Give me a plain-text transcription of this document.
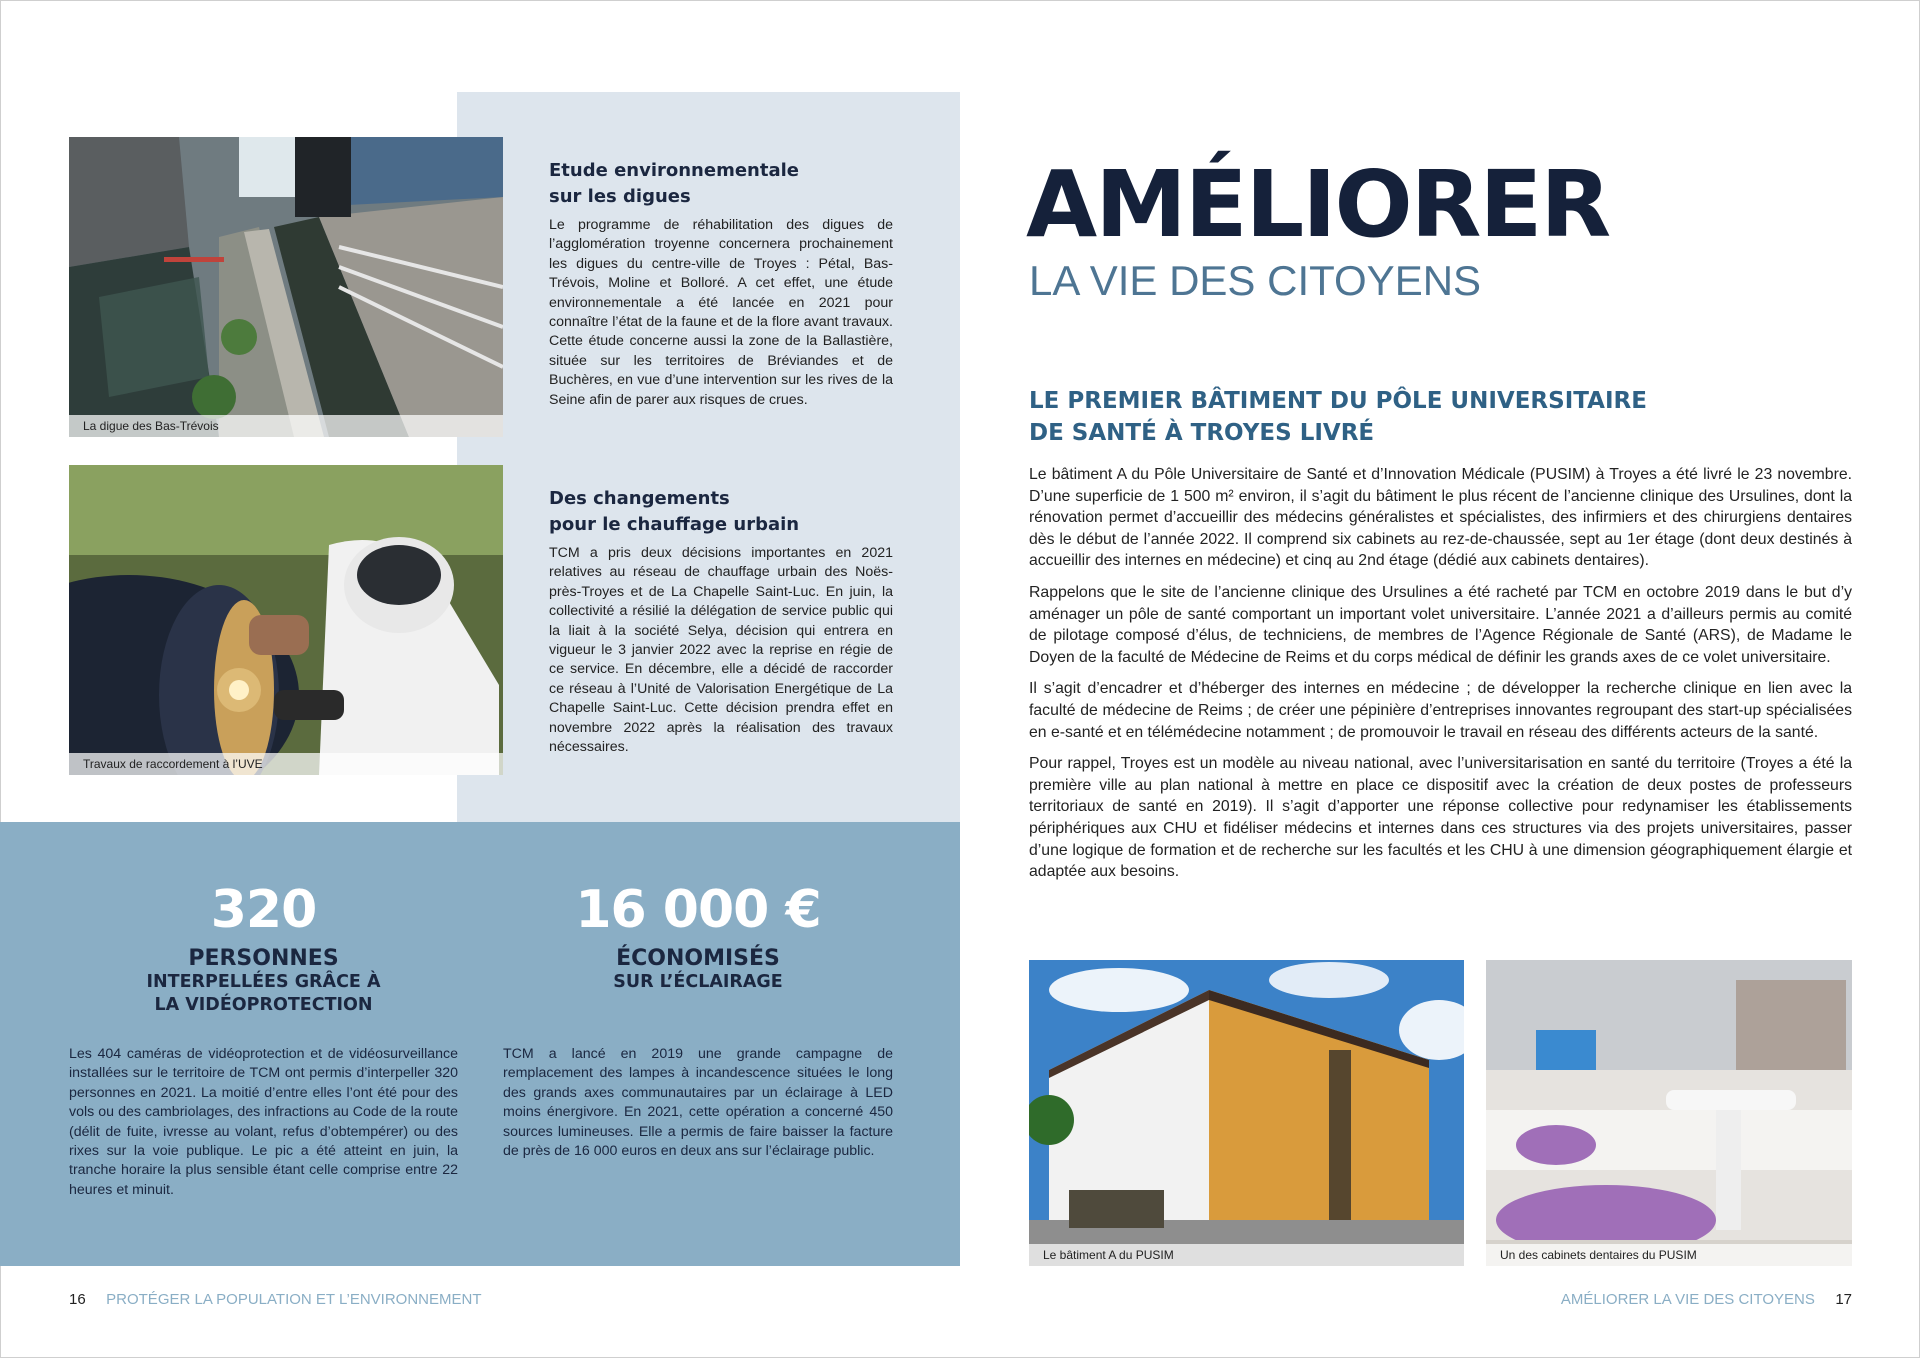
La digue des Bas-Trévois
Etude environnementale
sur les digues
Le programme de réhabilitation des digues de l’agglomération troyenne concernera prochainement les digues du centre-ville de Troyes : Pétal, Bas-Trévois, Moline et Bolloré. A cet effet, une étude environnementale a été lancée en 2021 pour connaître l’état de la faune et de la flore avant travaux. Cette étude concerne aussi la zone de la Ballastière, située sur les territoires de Bréviandes et de Buchères, en vue d’une intervention sur les rives de la Seine afin de parer aux risques de crues.
Travaux de raccordement à l’UVE
Des changements
pour le chauffage urbain
TCM a pris deux décisions importantes en 2021 relatives au réseau de chauffage urbain des Noës-près-Troyes et de La Chapelle Saint-Luc. En juin, la collectivité a résilié la délégation de service public qui la liait à la société Selya, décision qui entrera en vigueur le 3 janvier 2022 avec la reprise en régie de ce service. En décembre, elle a décidé de raccorder ce réseau à l’Unité de Valorisation Energétique de La Chapelle Saint-Luc. Cette décision prendra effet en novembre 2022 après la réalisation des travaux nécessaires.
320
PERSONNES
INTERPELLÉES GRÂCE À
LA VIDÉOPROTECTION
Les 404 caméras de vidéoprotection et de vidéosurveillance installées sur le territoire de TCM ont permis d’interpeller 320 personnes en 2021. La moitié d’entre elles l’ont été pour des vols ou des cambriolages, des infractions au Code de la route (délit de fuite, ivresse au volant, refus d’obtempérer) ou des rixes sur la voie publique. Le pic a été atteint en juin, la tranche horaire la plus sensible étant celle comprise entre 22 heures et minuit.
16 000 €
ÉCONOMISÉS
SUR L’ÉCLAIRAGE
TCM a lancé en 2019 une grande campagne de remplacement des lampes à incandescence situées le long des grands axes communautaires par un éclairage à LED moins énergivore. En 2021, cette opération a concerné 450 sources lumineuses. Elle a permis de faire baisser la facture de près de 16 000 euros en deux ans sur l’éclairage public.
16 PROTÉGER LA POPULATION ET L’ENVIRONNEMENT
AMÉLIORER
LA VIE DES CITOYENS
LE PREMIER BÂTIMENT DU PÔLE UNIVERSITAIRE
DE SANTÉ À TROYES LIVRÉ

Le bâtiment A du Pôle Universitaire de Santé et d’Innovation Médicale (PUSIM) à Troyes a été livré le 23 novembre. D’une superficie de 1 500 m² environ, il s’agit du bâtiment le plus récent de l’ancienne clinique des Ursulines, dont la rénovation permet d’accueillir des médecins généralistes et spécialistes, des infirmiers et des chirurgiens dentaires dès le début de l’année 2022. Il comprend six cabinets au rez-de-chaussée, sept au 1er étage (dont deux destinés à accueillir des internes en médecine) et cinq au 2nd étage (dédié aux cabinets dentaires).

Rappelons que le site de l’ancienne clinique des Ursulines a été racheté par TCM en octobre 2019 dans le but d’y aménager un pôle de santé comportant un important volet universitaire. L’année 2021 a d’ailleurs permis au comité de pilotage composé d’élus, de techniciens, de membres de l’Agence Régionale de Santé (ARS), de Madame le Doyen de la faculté de Médecine de Reims et du corps médical de définir les grands axes de ce volet universitaire.

Il s’agit d’encadrer et d’héberger des internes en médecine ; de développer la recherche clinique en lien avec la faculté de médecine de Reims ; de créer une pépinière d’entreprises innovantes regroupant des start-up spécialisées en e-santé et en télémédecine notamment ; de promouvoir le travail en réseau des différents acteurs de la santé.

Pour rappel, Troyes est un modèle au niveau national, avec l’universitarisation en santé du territoire (Troyes a été la première ville au plan national à mettre en place ce dispositif avec la création de deux postes de professeurs territoriaux de santé en 2019). Il s’agit d’apporter une réponse collective pour redynamiser les établissements périphériques aux CHU et fidéliser médecins et internes dans ces structures via des projets universitaires, passer d’une logique de formation et de recherche sur les facultés et les CHU à une dimension géographiquement élargie et adaptée aux besoins.

Le bâtiment A du PUSIM	Un des cabinets dentaires du PUSIM
AMÉLIORER LA VIE DES CITOYENS 17
